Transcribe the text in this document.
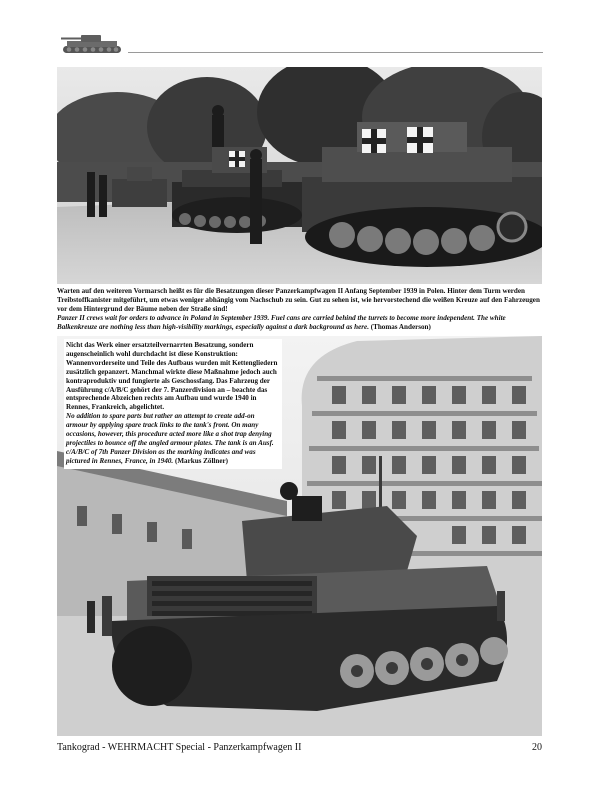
Warten auf den weiteren Vormarsch heißt es für die Besatzungen dieser Panzerkampfwagen II Anfang September 1939 in Polen. Hinter dem Turm werden Treibstoffkanister mitgeführt, um etwas weniger abhängig vom Nachschub zu sein. Gut zu sehen ist, wie hervorstechend die weißen Kreuze auf den Fahrzeugen vor dem Hintergrund der Bäume neben der Straße sind!
Panzer II crews wait for orders to advance in Poland in September 1939. Fuel cans are carried behind the turrets to become more independent. The white Balkenkreuze are nothing less than high-visibility markings, especially against a dark background as here. (Thomas Anderson)
Nicht das Werk einer ersatzteilvernarrten Besatzung, sondern augenscheinlich wohl durchdacht ist diese Konstruktion: Wannenvorderseite und Teile des Aufbaus wurden mit Kettengliedern zusätzlich gepanzert. Manchmal wirkte diese Maßnahme jedoch auch kontraproduktiv und fungierte als Geschossfang. Das Fahrzeug der Ausführung c/A/B/C gehört der 7. Panzerdivision an – beachte das entsprechende Abzeichen rechts am Aufbau und wurde 1940 in Rennes, Frankreich, abgelichtet.
No addition to spare parts but rather an attempt to create add-on armour by applying spare track links to the tank's front. On many occasions, however, this procedure acted more like a shot trap denying projectiles to bounce off the angled armour plates. The tank is an Ausf. c/A/B/C of 7th Panzer Division as the marking indicates and was pictured in Rennes, France, in 1940. (Markus Zöllner)
Tankograd - WEHRMACHT Special - Panzerkampfwagen II	20
